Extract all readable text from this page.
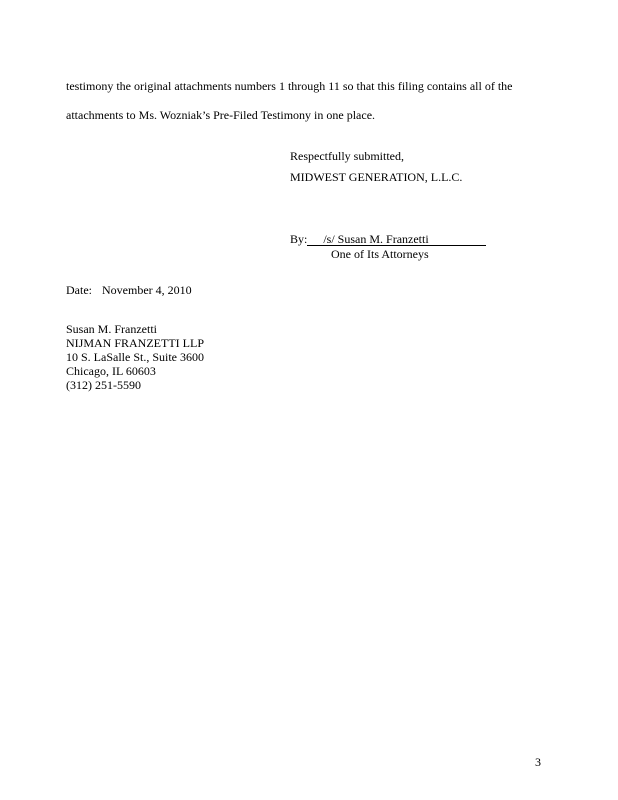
testimony the original attachments numbers 1 through 11 so that this filing contains all of the
attachments to Ms. Wozniak’s Pre-Filed Testimony in one place.
Respectfully submitted,
MIDWEST GENERATION, L.L.C.
By: /s/ Susan M. Franzetti
One of Its Attorneys
Date: November 4, 2010
Susan M. Franzetti
NIJMAN FRANZETTI LLP
10 S. LaSalle St., Suite 3600
Chicago, IL 60603
(312) 251-5590
3
